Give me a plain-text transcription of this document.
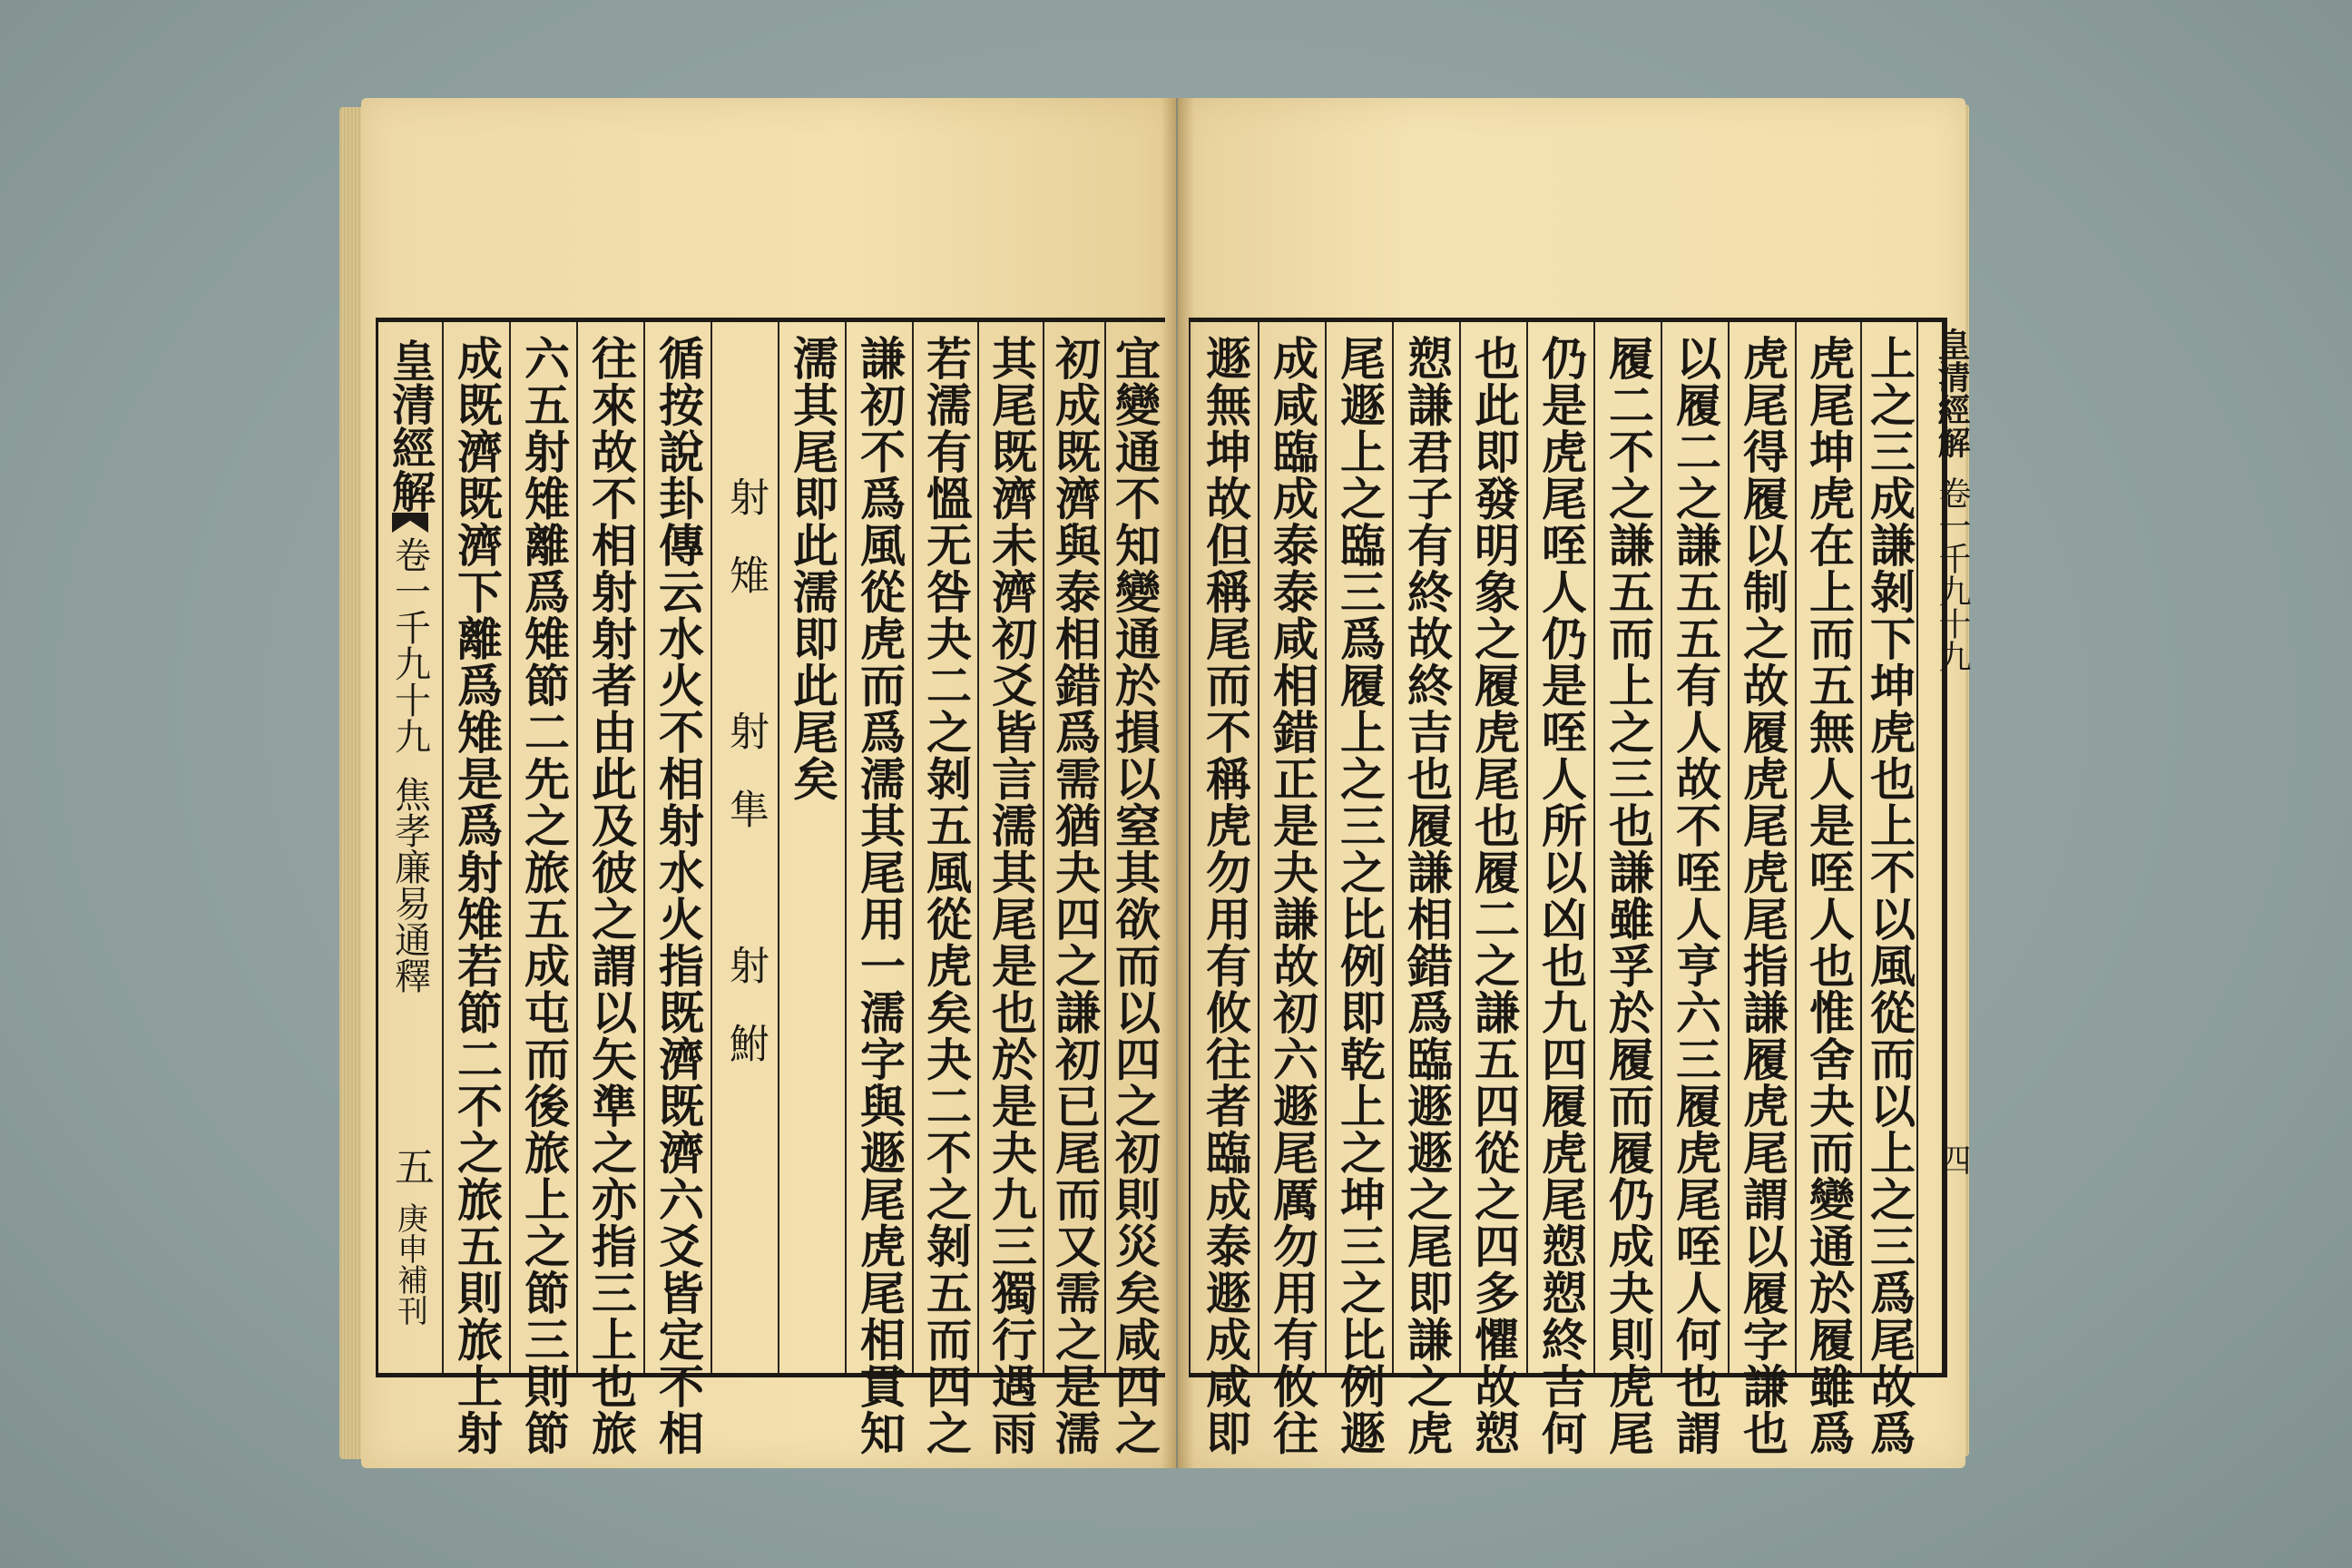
皇清經解
卷一千九十九
焦孝廉易通釋
五
庚申補刊 成既濟既濟下離爲雉是爲射雉若節二不之旅五則旅上射 六五射雉離爲雉節二先之旅五成屯而後旅上之節三則節 往來故不相射射者由此及彼之謂以矢準之亦指三上也旅 循按說卦傳云水火不相射水火指既濟既濟六爻皆定不相 射雉　射隼　射鮒 濡其尾即此濡即此尾矣 謙初不爲風從虎而爲濡其尾用一濡字與遯尾虎尾相貫知 若濡有慍无咎夬二之剝五風從虎矣夬二不之剝五而四之 其尾既濟未濟初爻皆言濡其尾是也於是夬九三獨行遇雨 初成既濟與泰相錯爲需猶夬四之謙初已尾而又需之是濡 宜變通不知變通於損以窒其欲而以四之初則災矣咸四之 遯無坤故但稱尾而不稱虎勿用有攸往者臨成泰遯成咸即 成咸臨成泰泰咸相錯正是夬謙故初六遯尾厲勿用有攸往 尾遯上之臨三爲履上之三之比例即乾上之坤三之比例遯 愬謙君子有終故終吉也履謙相錯爲臨遯遯之尾即謙之虎 也此即發明象之履虎尾也履二之謙五四從之四多懼故愬 仍是虎尾咥人仍是咥人所以凶也九四履虎尾愬愬終吉何 履二不之謙五而上之三也謙雖孚於履而履仍成夬則虎尾 以履二之謙五五有人故不咥人亨六三履虎尾咥人何也謂 虎尾得履以制之故履虎尾虎尾指謙履虎尾謂以履字謙也 虎尾坤虎在上而五無人是咥人也惟舍夬而變通於履雖爲 上之三成謙剝下坤虎也上不以風從而以上之三爲尾故爲 皇清經解
卷一千九十九
四
